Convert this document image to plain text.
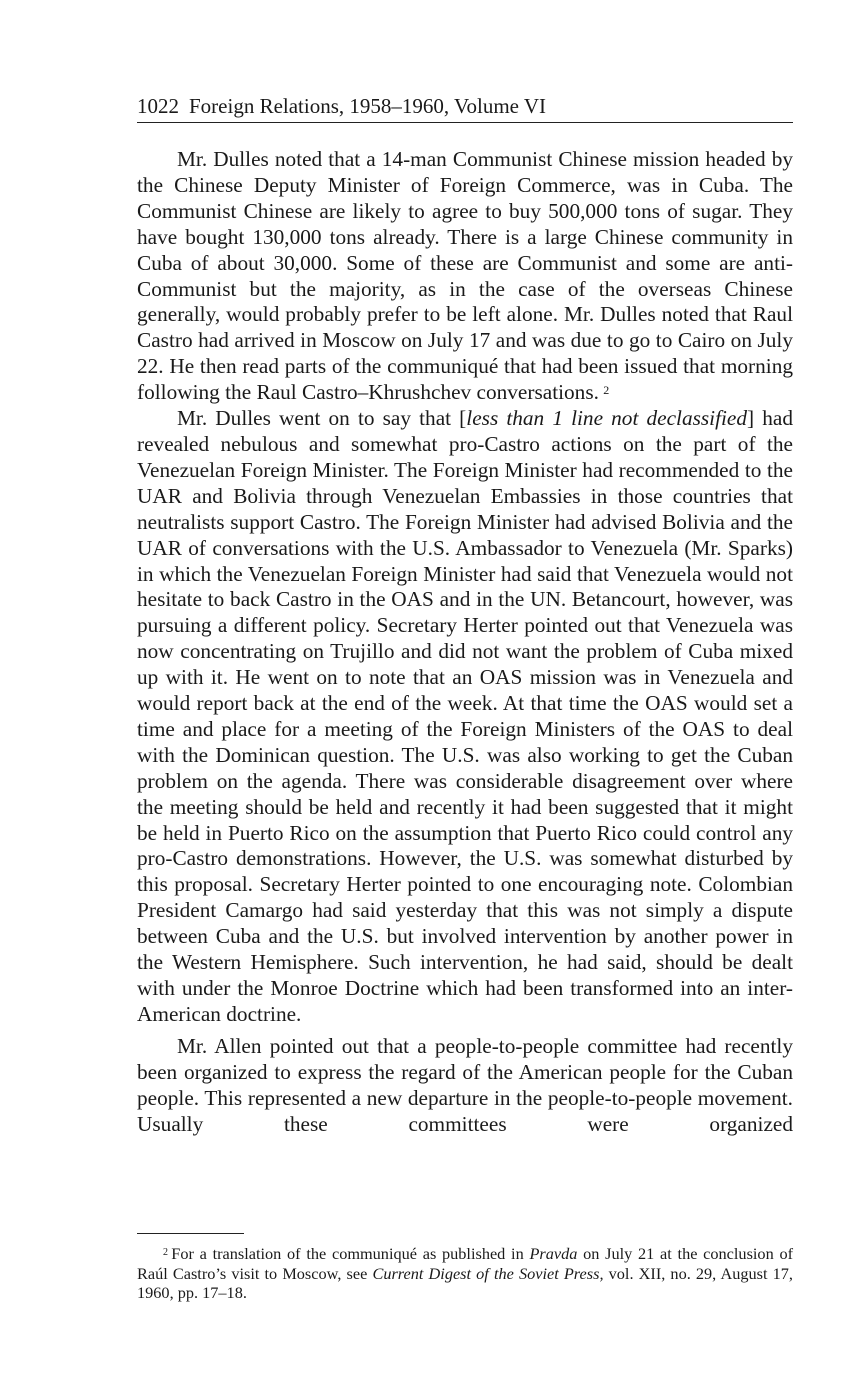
1022 Foreign Relations, 1958–1960, Volume VI

Mr. Dulles noted that a 14-man Communist Chinese mission headed by the Chinese Deputy Minister of Foreign Commerce, was in Cuba. The Communist Chinese are likely to agree to buy 500,000 tons of sugar. They have bought 130,000 tons already. There is a large Chinese community in Cuba of about 30,000. Some of these are Communist and some are anti-Communist but the majority, as in the case of the overseas Chinese generally, would probably prefer to be left alone. Mr. Dulles noted that Raul Castro had arrived in Moscow on July 17 and was due to go to Cairo on July 22. He then read parts of the communiqué that had been issued that morning following the Raul Castro–Khrushchev conversations.  $^2$

Mr. Dulles went on to say that [less than 1 line not declassified] had revealed nebulous and somewhat pro-Castro actions on the part of the Venezuelan Foreign Minister. The Foreign Minister had recommended to the UAR and Bolivia through Venezuelan Embassies in those countries that neutralists support Castro. The Foreign Minister had advised Bolivia and the UAR of conversations with the U.S. Ambassador to Venezuela (Mr. Sparks) in which the Venezuelan Foreign Minister had said that Venezuela would not hesitate to back Castro in the OAS and in the UN. Betancourt, however, was pursuing a different policy. Secretary Herter pointed out that Venezuela was now concentrating on Trujillo and did not want the problem of Cuba mixed up with it. He went on to note that an OAS mission was in Venezuela and would report back at the end of the week. At that time the OAS would set a time and place for a meeting of the Foreign Ministers of the OAS to deal with the Dominican question. The U.S. was also working to get the Cuban problem on the agenda. There was considerable disagreement over where the meeting should be held and recently it had been suggested that it might be held in Puerto Rico on the assumption that Puerto Rico could control any pro-Castro demonstrations. However, the U.S. was somewhat disturbed by this proposal. Secretary Herter pointed to one encouraging note. Colombian President Camargo had said yesterday that this was not simply a dispute between Cuba and the U.S. but involved intervention by another power in the Western Hemisphere. Such intervention, he had said, should be dealt with under the Monroe Doctrine which had been transformed into an inter-American doctrine.

Mr. Allen pointed out that a people-to-people committee had recently been organized to express the regard of the American people for the Cuban people. This represented a new departure in the people-to-people movement. Usually these committees were organized

$^2$  For a translation of the communiqué as published in Pravda on July 21 at the conclusion of Raúl Castro’s visit to Moscow, see Current Digest of the Soviet Press, vol. XII, no. 29, August 17, 1960, pp. 17–18.
